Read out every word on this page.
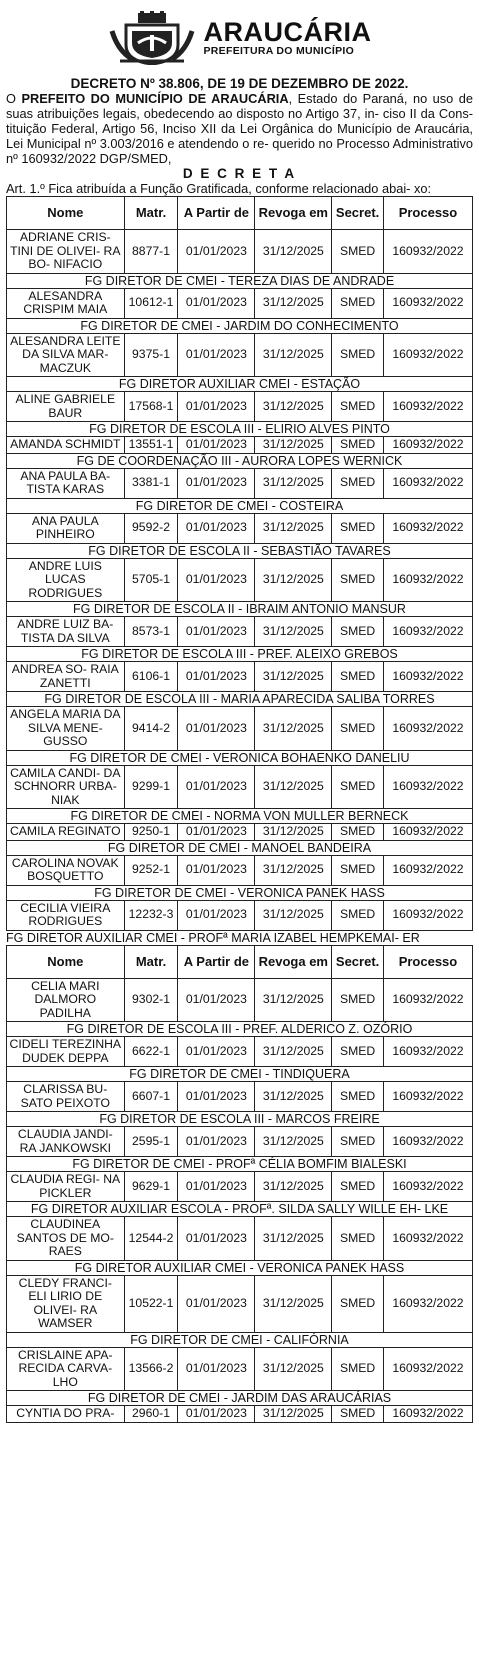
ARAUCÁRIA
PREFEITURA DO MUNICÍPIO
DECRETO Nº 38.806, DE 19 DE DEZEMBRO DE 2022.
O PREFEITO DO MUNICÍPIO DE ARAUCÁRIA, Estado do Paraná, no uso de suas atribuições legais, obedecendo ao disposto no Artigo 37, in- ciso II da Cons- tituição Federal, Artigo 56, Inciso XII da Lei Orgânica do Município de Araucária, Lei Municipal nº 3.003/2016 e atendendo o re- querido no Processo Administrativo nº 160932/2022 DGP/SMED,
D E C R E T A
Art. 1.º Fica atribuída a Função Gratificada, conforme relacionado abai- xo:
Nome	Matr.	A Partir de	Revoga em	Secret.	Processo
ADRIANE CRIS- TINI DE OLIVEI- RA BO- NIFACIO	8877-1	01/01/2023	31/12/2025	SMED	160932/2022
FG DIRETOR DE CMEI - TEREZA DIAS DE ANDRADE					
ALESANDRA CRISPIM MAIA	10612-1	01/01/2023	31/12/2025	SMED	160932/2022
FG DIRETOR DE CMEI - JARDIM DO CONHECIMENTO					
ALESANDRA LEITE DA SILVA MAR- MACZUK	9375-1	01/01/2023	31/12/2025	SMED	160932/2022
FG DIRETOR AUXILIAR CMEI - ESTAÇÃO					
ALINE GABRIELE BAUR	17568-1	01/01/2023	31/12/2025	SMED	160932/2022
FG DIRETOR DE ESCOLA III - ELIRIO ALVES PINTO					
AMANDA SCHMIDT	13551-1	01/01/2023	31/12/2025	SMED	160932/2022
FG DE COORDENAÇÃO III - AURORA LOPES WERNICK					
ANA PAULA BA- TISTA KARAS	3381-1	01/01/2023	31/12/2025	SMED	160932/2022
FG DIRETOR DE CMEI - COSTEIRA					
ANA PAULA PINHEIRO	9592-2	01/01/2023	31/12/2025	SMED	160932/2022
FG DIRETOR DE ESCOLA II - SEBASTIÃO TAVARES					
ANDRE LUIS LUCAS RODRIGUES	5705-1	01/01/2023	31/12/2025	SMED	160932/2022
FG DIRETOR DE ESCOLA II - IBRAIM ANTONIO MANSUR					
ANDRE LUIZ BA- TISTA DA SILVA	8573-1	01/01/2023	31/12/2025	SMED	160932/2022
FG DIRETOR DE ESCOLA III - PREF. ALEIXO GREBOS					
ANDREA SO- RAIA ZANETTI	6106-1	01/01/2023	31/12/2025	SMED	160932/2022
FG DIRETOR DE ESCOLA III - MARIA APARECIDA SALIBA TORRES					
ANGELA MARIA DA SILVA MENE- GUSSO	9414-2	01/01/2023	31/12/2025	SMED	160932/2022
FG DIRETOR DE CMEI - VERONICA BOHAENKO DANELIU					
CAMILA CANDI- DA SCHNORR URBA- NIAK	9299-1	01/01/2023	31/12/2025	SMED	160932/2022
FG DIRETOR DE CMEI - NORMA VON MULLER BERNECK					
CAMILA REGINATO	9250-1	01/01/2023	31/12/2025	SMED	160932/2022
FG DIRETOR DE CMEI - MANOEL BANDEIRA					
CAROLINA NOVAK BOSQUETTO	9252-1	01/01/2023	31/12/2025	SMED	160932/2022
FG DIRETOR DE CMEI - VERONICA PANEK HASS					
CECILIA VIEIRA RODRIGUES	12232-3	01/01/2023	31/12/2025	SMED	160932/2022
FG DIRETOR AUXILIAR CMEI - PROFª MARIA IZABEL HEMPKEMAI- ER
Nome	Matr.	A Partir de	Revoga em	Secret.	Processo
CELIA MARI DALMORO PADILHA	9302-1	01/01/2023	31/12/2025	SMED	160932/2022
FG DIRETOR DE ESCOLA III - PREF. ALDERICO Z. OZÓRIO					
CIDELI TEREZINHA DUDEK DEPPA	6622-1	01/01/2023	31/12/2025	SMED	160932/2022
FG DIRETOR DE CMEI - TINDIQUERA					
CLARISSA BU- SATO PEIXOTO	6607-1	01/01/2023	31/12/2025	SMED	160932/2022
FG DIRETOR DE ESCOLA III - MARCOS FREIRE					
CLAUDIA JANDI- RA JANKOWSKI	2595-1	01/01/2023	31/12/2025	SMED	160932/2022
FG DIRETOR DE CMEI - PROFª CÉLIA BOMFIM BIALESKI					
CLAUDIA REGI- NA PICKLER	9629-1	01/01/2023	31/12/2025	SMED	160932/2022
FG DIRETOR AUXILIAR ESCOLA - PROFª. SILDA SALLY WILLE EH- LKE					
CLAUDINEA SANTOS DE MO- RAES	12544-2	01/01/2023	31/12/2025	SMED	160932/2022
FG DIRETOR AUXILIAR CMEI - VERONICA PANEK HASS					
CLEDY FRANCI- ELI LIRIO DE OLIVEI- RA WAMSER	10522-1	01/01/2023	31/12/2025	SMED	160932/2022
FG DIRETOR DE CMEI - CALIFÓRNIA					
CRISLAINE APA- RECIDA CARVA- LHO	13566-2	01/01/2023	31/12/2025	SMED	160932/2022
FG DIRETOR DE CMEI - JARDIM DAS ARAUCÁRIAS					
CYNTIA DO PRA-	2960-1	01/01/2023	31/12/2025	SMED	160932/2022
